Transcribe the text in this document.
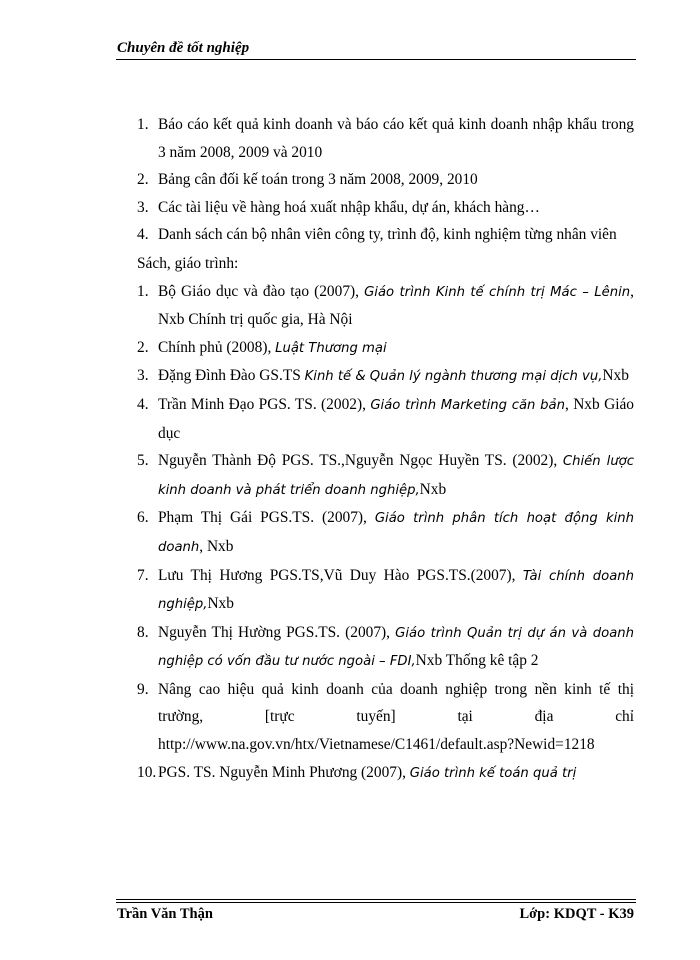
Chuyên đề tốt nghiệp
1. Báo cáo kết quả kinh doanh và báo cáo kết quả kinh doanh nhập khẩu trong 3 năm 2008, 2009 và 2010
2. Bảng cân đối kế toán trong 3 năm 2008, 2009, 2010
3. Các tài liệu về hàng hoá xuất nhập khẩu, dự án, khách hàng…
4. Danh sách cán bộ nhân viên công ty, trình độ, kinh nghiệm từng nhân viên
Sách, giáo trình:
1. Bộ Giáo dục và đào tạo (2007), Giáo trình Kinh tế chính trị Mác – Lênin, Nxb Chính trị quốc gia, Hà Nội
2. Chính phủ (2008), Luật Thương mại
3. Đặng Đình Đào GS.TS Kinh tế & Quản lý ngành thương mại dịch vụ,Nxb
4. Trần Minh Đạo PGS. TS. (2002), Giáo trình Marketing căn bản, Nxb Giáo dục
5. Nguyễn Thành Độ PGS. TS.,Nguyễn Ngọc Huyền TS. (2002), Chiến lược kinh doanh và phát triển doanh nghiệp,Nxb
6. Phạm Thị Gái PGS.TS. (2007), Giáo trình phân tích hoạt động kinh doanh, Nxb
7. Lưu Thị Hương PGS.TS,Vũ Duy Hào PGS.TS.(2007), Tài chính doanh nghiệp,Nxb
8. Nguyễn Thị Hường PGS.TS. (2007), Giáo trình Quản trị dự án và doanh nghiệp có vốn đầu tư nước ngoài – FDI,Nxb Thống kê tập 2
9. Nâng cao hiệu quả kinh doanh của doanh nghiệp trong nền kinh tế thị
trường,	[trực	tuyến]	tại	địa	chỉ
http://www.na.gov.vn/htx/Vietnamese/C1461/default.asp?Newid=1218
10. PGS. TS. Nguyễn Minh Phương (2007), Giáo trình kế toán quả trị
Trần Văn Thận	Lớp: KDQT - K39
